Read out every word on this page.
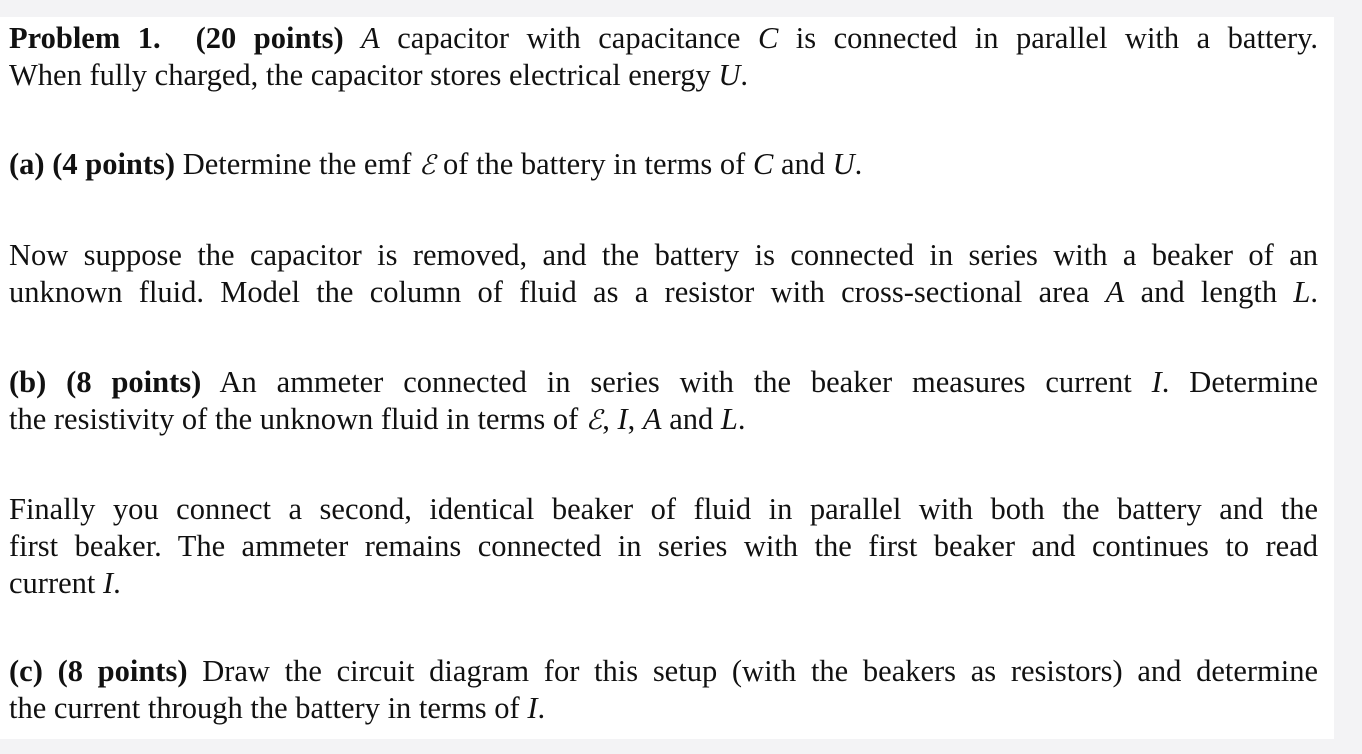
Problem 1. (20 points) A capacitor with capacitance C is connected in parallel with a battery.
When fully charged, the capacitor stores electrical energy U.
(a) (4 points) Determine the emf ℰ of the battery in terms of C and U.
Now suppose the capacitor is removed, and the battery is connected in series with a beaker of an
unknown fluid. Model the column of fluid as a resistor with cross-sectional area A and length L.
(b) (8 points) An ammeter connected in series with the beaker measures current I. Determine
the resistivity of the unknown fluid in terms of ℰ, I, A and L.
Finally you connect a second, identical beaker of fluid in parallel with both the battery and the
first beaker. The ammeter remains connected in series with the first beaker and continues to read
current I.
(c) (8 points) Draw the circuit diagram for this setup (with the beakers as resistors) and determine
the current through the battery in terms of I.
